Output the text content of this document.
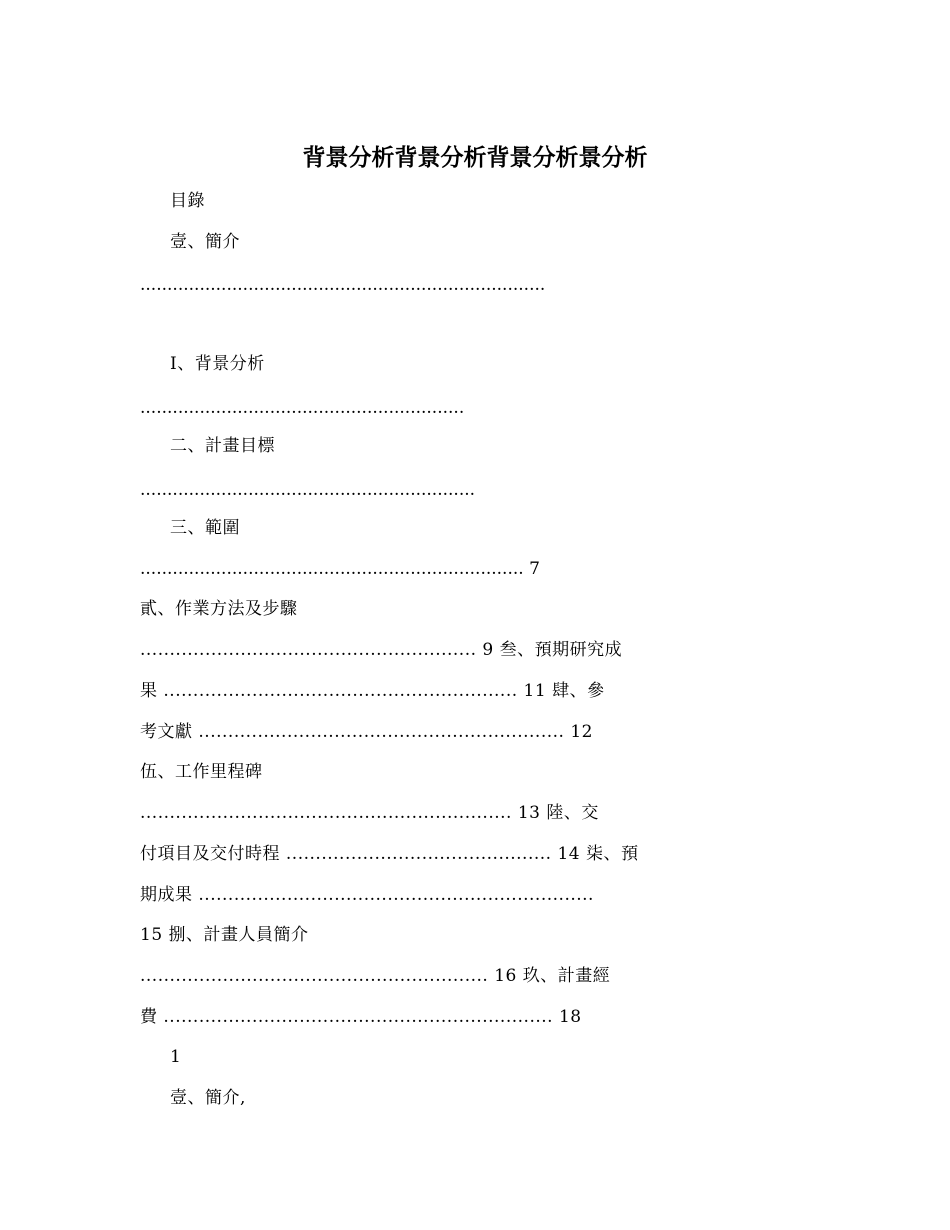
背景分析背景分析背景分析景分析
目錄
壹、簡介
...........................................................................
Ⅰ、背景分析
............................................................
二、計畫目標
..............................................................
三、範圍
....................................................................... 7
貳、作業方法及步驟
......................................................... 9 叁、預期研究成
果 ............................................................ 11 肆、參
考文獻 .............................................................. 12
伍、工作里程碑
............................................................... 13 陸、交
付項目及交付時程 ............................................. 14 柒、預
期成果 ...................................................................
15 捌、計畫人員簡介
........................................................... 16 玖、計畫經
費 .................................................................. 18
1
壹、簡介,
